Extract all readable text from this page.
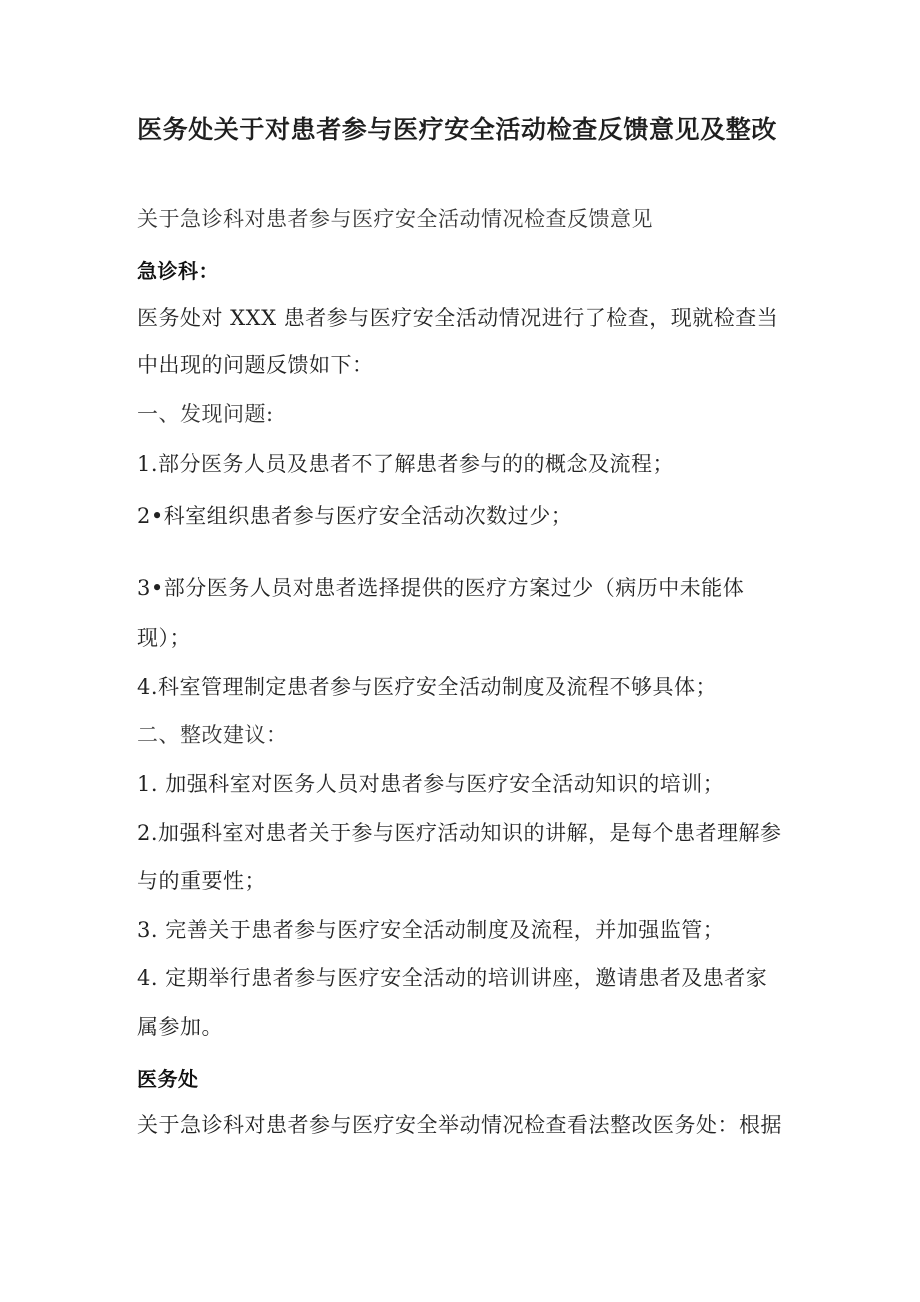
医务处关于对患者参与医疗安全活动检查反馈意见及整改

关于急诊科对患者参与医疗安全活动情况检查反馈意见

急诊科：

医务处对 XXX 患者参与医疗安全活动情况进行了检查，现就检查当

中出现的问题反馈如下：

一、发现问题:

1.部分医务人员及患者不了解患者参与的的概念及流程；

2•科室组织患者参与医疗安全活动次数过少；

3•部分医务人员对患者选择提供的医疗方案过少（病历中未能体

现）；

4.科室管理制定患者参与医疗安全活动制度及流程不够具体；

二、整改建议：

1. 加强科室对医务人员对患者参与医疗安全活动知识的培训；

2.加强科室对患者关于参与医疗活动知识的讲解，是每个患者理解参

与的重要性；

3. 完善关于患者参与医疗安全活动制度及流程，并加强监管；

4. 定期举行患者参与医疗安全活动的培训讲座，邀请患者及患者家

属参加。

医务处

关于急诊科对患者参与医疗安全举动情况检查看法整改医务处：根据
